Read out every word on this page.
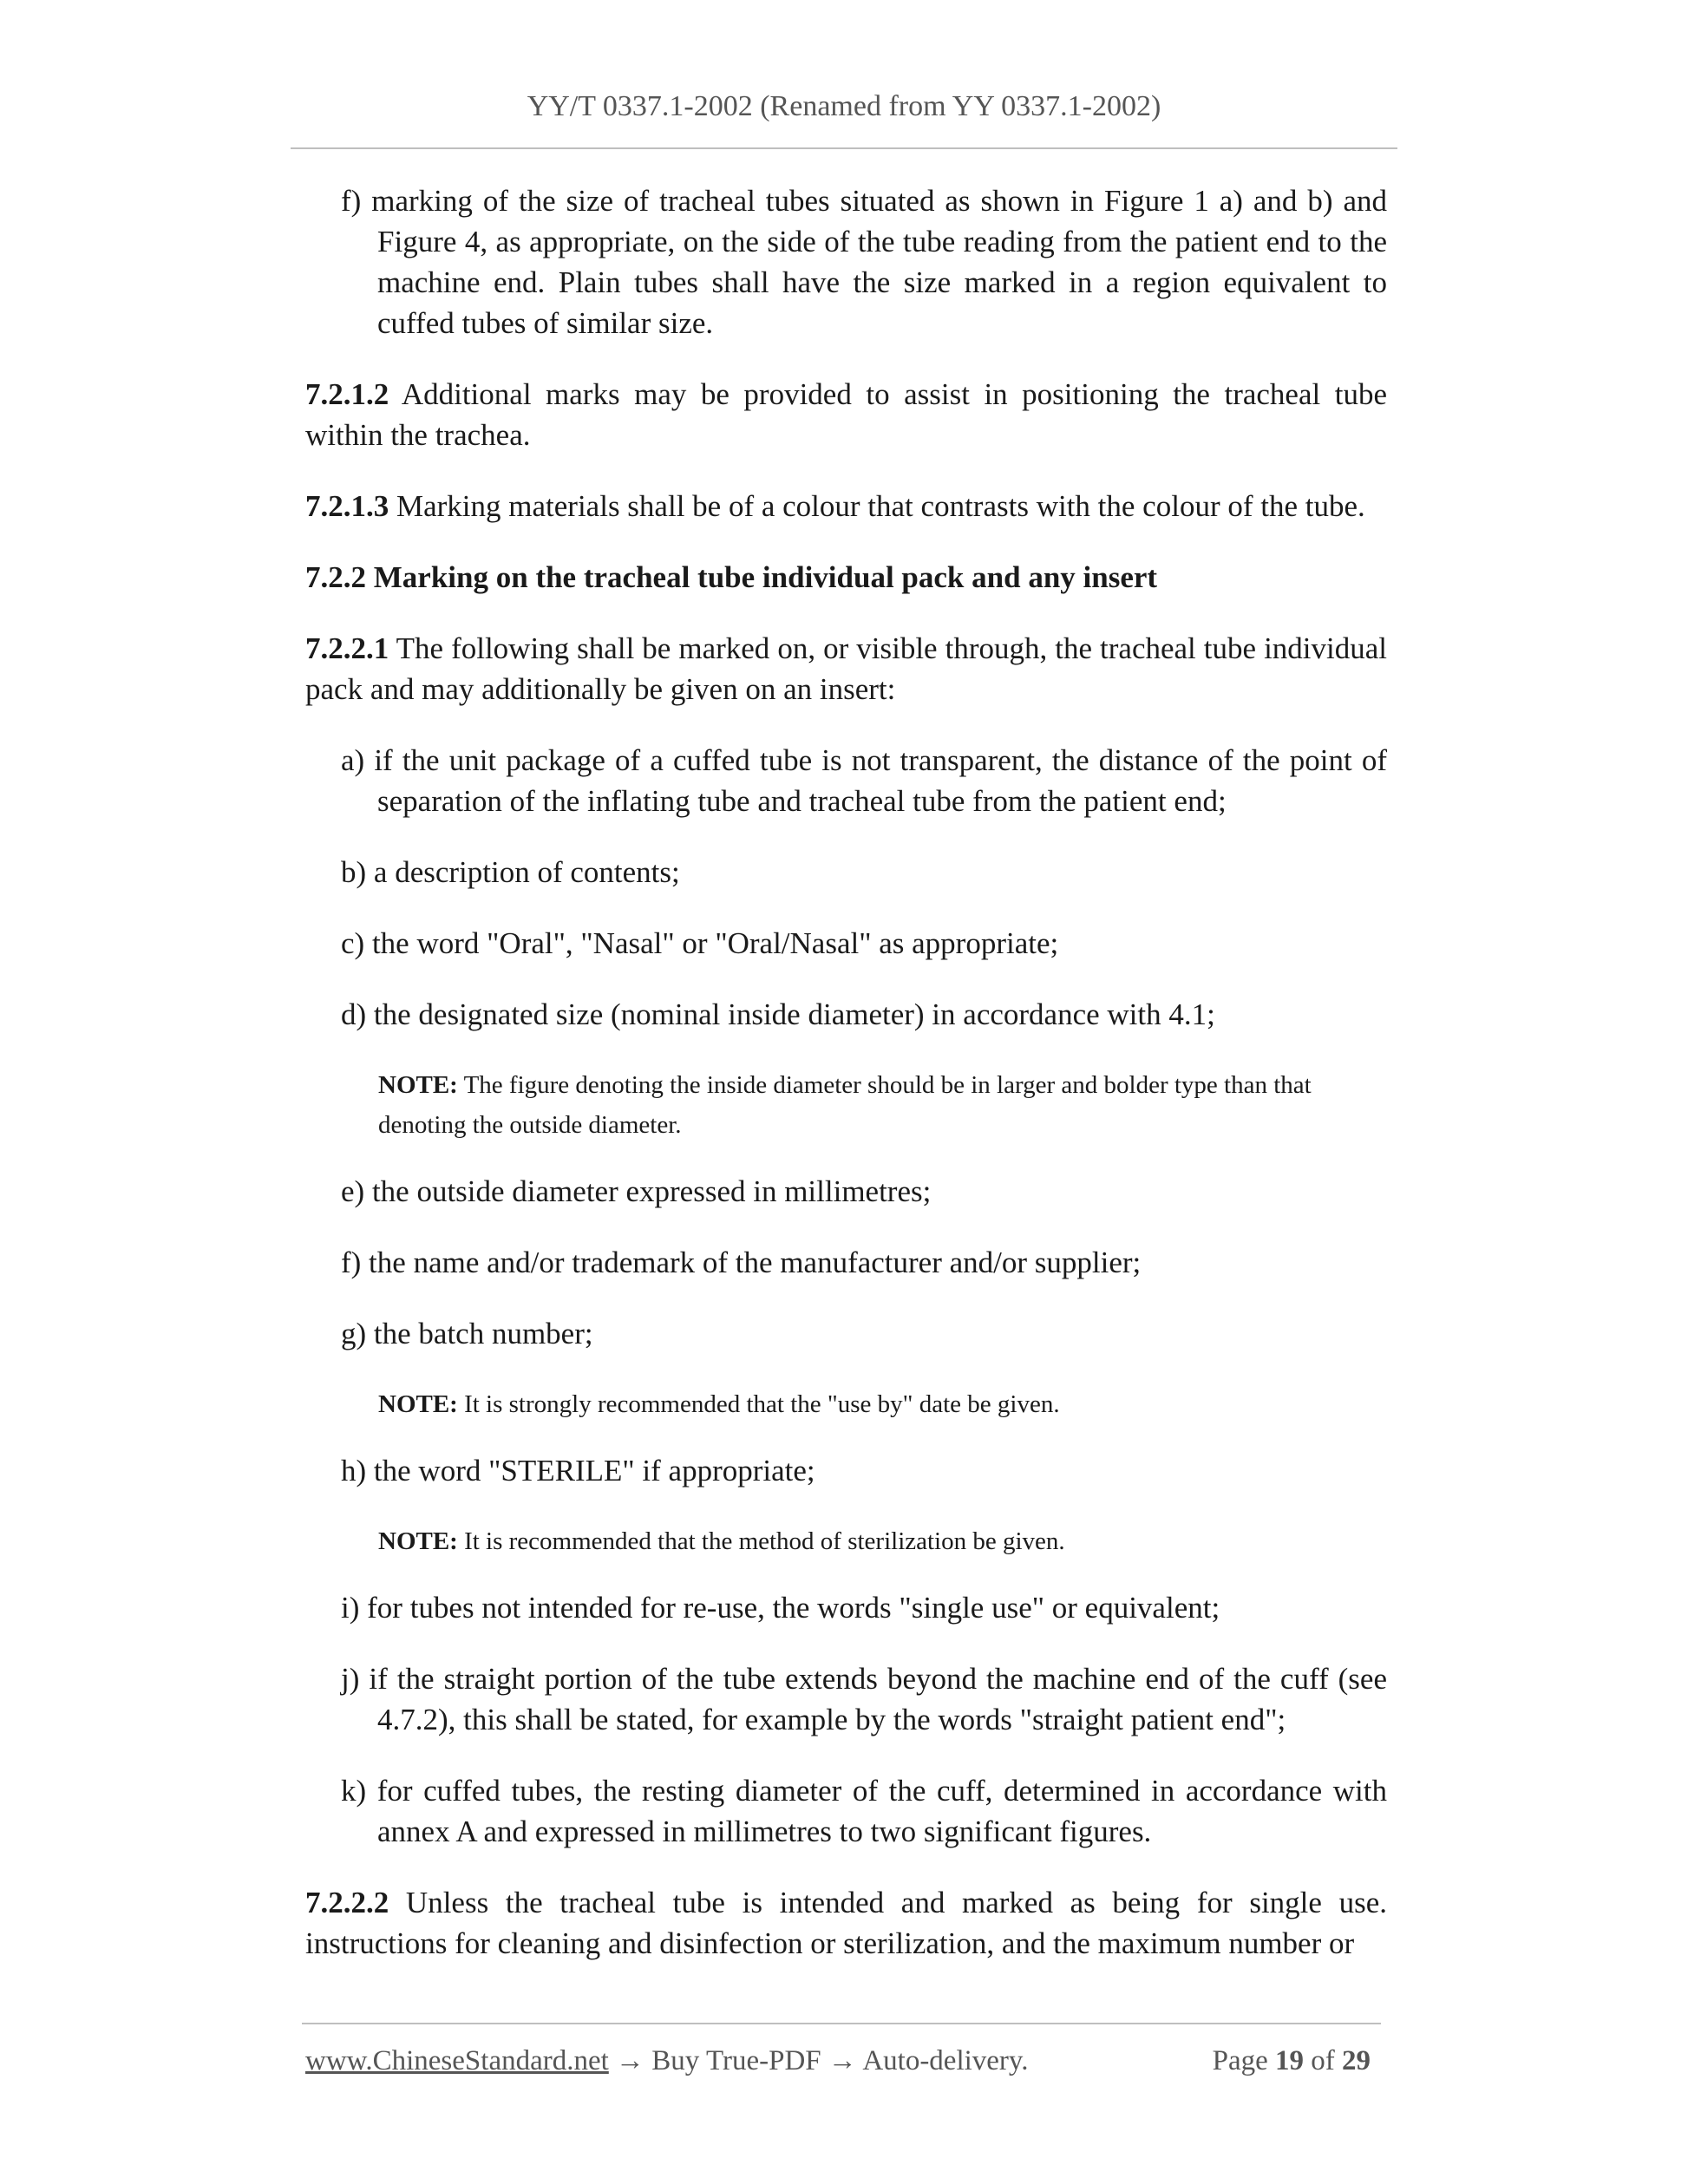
YY/T 0337.1-2002 (Renamed from YY 0337.1-2002)
f) marking of the size of tracheal tubes situated as shown in Figure 1 a) and b) and Figure 4, as appropriate, on the side of the tube reading from the patient end to the machine end. Plain tubes shall have the size marked in a region equivalent to cuffed tubes of similar size.
7.2.1.2 Additional marks may be provided to assist in positioning the tracheal tube within the trachea.
7.2.1.3 Marking materials shall be of a colour that contrasts with the colour of the tube.
7.2.2 Marking on the tracheal tube individual pack and any insert
7.2.2.1 The following shall be marked on, or visible through, the tracheal tube individual pack and may additionally be given on an insert:
a) if the unit package of a cuffed tube is not transparent, the distance of the point of separation of the inflating tube and tracheal tube from the patient end;
b) a description of contents;
c) the word "Oral", "Nasal" or "Oral/Nasal" as appropriate;
d) the designated size (nominal inside diameter) in accordance with 4.1;
NOTE: The figure denoting the inside diameter should be in larger and bolder type than that denoting the outside diameter.
e) the outside diameter expressed in millimetres;
f) the name and/or trademark of the manufacturer and/or supplier;
g) the batch number;
NOTE: It is strongly recommended that the "use by" date be given.
h) the word "STERILE" if appropriate;
NOTE: It is recommended that the method of sterilization be given.
i) for tubes not intended for re-use, the words "single use" or equivalent;
j) if the straight portion of the tube extends beyond the machine end of the cuff (see 4.7.2), this shall be stated, for example by the words "straight patient end";
k) for cuffed tubes, the resting diameter of the cuff, determined in accordance with annex A and expressed in millimetres to two significant figures.
7.2.2.2 Unless the tracheal tube is intended and marked as being for single use. instructions for cleaning and disinfection or sterilization, and the maximum number or
www.ChineseStandard.net → Buy True-PDF → Auto-delivery.	Page 19 of 29
